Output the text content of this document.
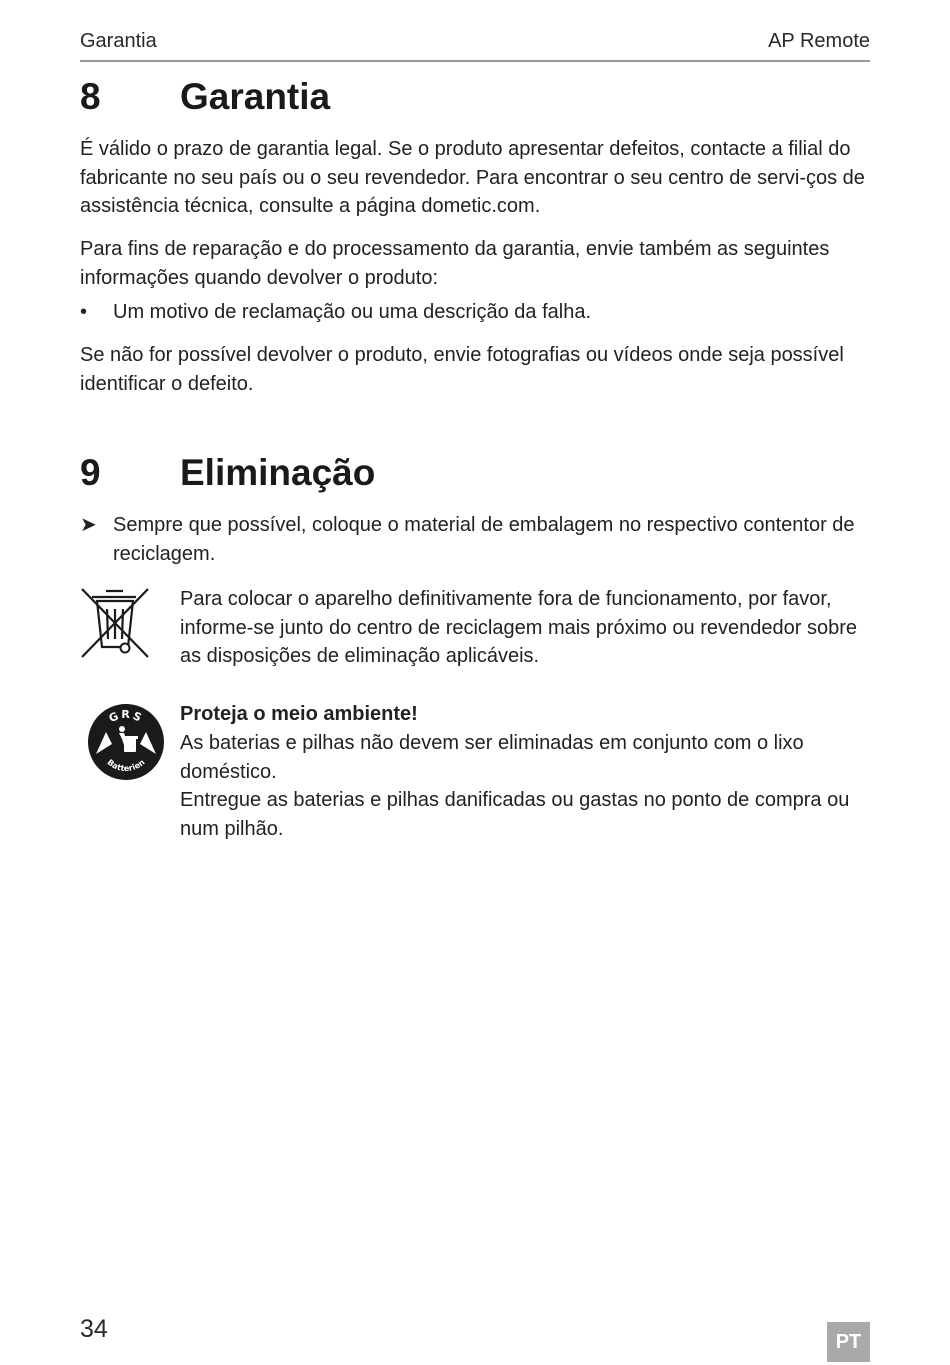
Garantia	AP Remote
8 Garantia

É válido o prazo de garantia legal. Se o produto apresentar defeitos, contacte a filial do fabricante no seu país ou o seu revendedor. Para encontrar o seu centro de servi-ços de assistência técnica, consulte a página dometic.com.

Para fins de reparação e do processamento da garantia, envie também as seguintes informações quando devolver o produto:

• Um motivo de reclamação ou uma descrição da falha.

Se não for possível devolver o produto, envie fotografias ou vídeos onde seja possível identificar o defeito.

9 Eliminação
➤ Sempre que possível, coloque o material de embalagem no respectivo contentor de reciclagem.

Para colocar o aparelho definitivamente fora de funcionamento, por favor, informe-se junto do centro de reciclagem mais próximo ou revendedor sobre as disposições de eliminação aplicáveis.

GRS
Batterien

Proteja o meio ambiente!

As baterias e pilhas não devem ser eliminadas em conjunto com o lixo doméstico.

Entregue as baterias e pilhas danificadas ou gastas no ponto de compra ou num pilhão.

34	PT
